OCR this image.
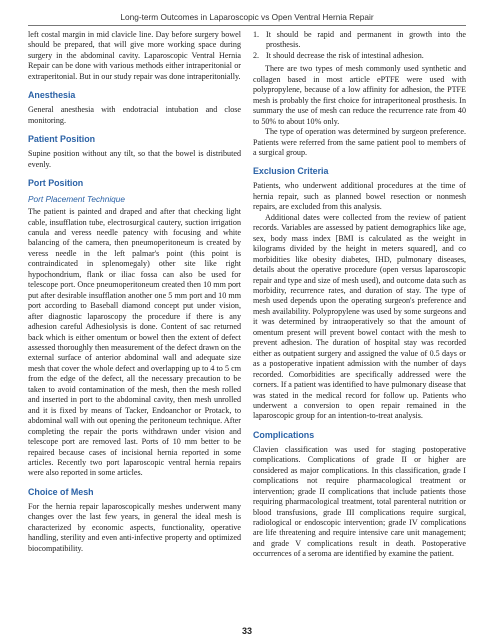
Long-term Outcomes in Laparoscopic vs Open Ventral Hernia Repair

left costal margin in mid clavicle line. Day before surgery bowel should be prepared, that will give more working space during surgery in the abdominal cavity. Laparoscopic Ventral Hernia Repair can be done with various methods either intraperitonial or extraperitonial. But in our study repair was done intraperitonially.

Anesthesia

General anesthesia with endotracial intubation and close monitoring.

Patient Position

Supine position without any tilt, so that the bowel is distributed evenly.

Port Position
Port Placement Technique

The patient is painted and draped and after that checking light cable, insufflation tube, electrosurgical cautery, suction irrigation canula and veress needle patency with focusing and white balancing of the camera, then pneumoperitoneum is created by veress needle in the left palmar's point (this point is contraindicated in splenomegaly) other site like right hypochondrium, flank or iliac fossa can also be used for telescope port. Once pneumoperitoneum created then 10 mm port put after desirable insufflation another one 5 mm port and 10 mm port according to Baseball diamond concept put under vision, after diagnostic laparoscopy the procedure if there is any adhesion careful Adhesiolysis is done. Content of sac returned back which is either omentum or bowel then the extent of defect assessed thoroughly then measurement of the defect drawn on the external surface of anterior abdominal wall and adequate size mesh that cover the whole defect and overlapping up to 4 to 5 cm from the edge of the defect, all the necessary precaution to be taken to avoid contamination of the mesh, then the mesh rolled and inserted in port to the abdominal cavity, then mesh unrolled and it is fixed by means of Tacker, Endoanchor or Protack, to abdominal wall with out opening the peritoneum technique. After completing the repair the ports withdrawn under vision and telescope port are removed last. Ports of 10 mm better to be repaired because cases of incisional hernia reported in some articles. Recently two port laparoscopic ventral hernia repairs were also reported in some articles.

Choice of Mesh

For the hernia repair laparoscopically meshes underwent many changes over the last few years, in general the ideal mesh is characterized by economic aspects, functionality, operative handling, sterility and even anti-infective property and optimized biocompatibility.

1. It should be rapid and permanent in growth into the prosthesis.
2. It should decrease the risk of intestinal adhesion.

There are two types of mesh commonly used synthetic and collagen based in most article ePTFE were used with polypropylene, because of a low affinity for adhesion, the PTFE mesh is probably the first choice for intraperitoneal prosthesis. In summary the use of mesh can reduce the recurrence rate from 40 to 50% to about 10% only.

The type of operation was determined by surgeon preference. Patients were referred from the same patient pool to members of a surgical group.

Exclusion Criteria

Patients, who underwent additional procedures at the time of hernia repair, such as planned bowel resection or nonmesh repairs, are excluded from this analysis.

Additional dates were collected from the review of patient records. Variables are assessed by patient demographics like age, sex, body mass index [BMI is calculated as the weight in kilograms divided by the height in meters squared], and co morbidities like obesity diabetes, IHD, pulmonary diseases, details about the operative procedure (open versus laparoscopic repair and type and size of mesh used), and outcome data such as morbidity, recurrence rates, and duration of stay. The type of mesh used depends upon the operating surgeon's preference and mesh availability. Polypropylene was used by some surgeons and it was determined by intraoperatively so that the amount of omentum present will prevent bowel contact with the mesh to prevent adhesion. The duration of hospital stay was recorded either as outpatient surgery and assigned the value of 0.5 days or as a postoperative inpatient admission with the number of days recorded. Comorbidities are specifically addressed were the corners. If a patient was identified to have pulmonary disease that was stated in the medical record for follow up. Patients who underwent a conversion to open repair remained in the laparoscopic group for an intention-to-treat analysis.

Complications

Clavien classification was used for staging postoperative complications. Complications of grade II or higher are considered as major complications. In this classification, grade I complications not require pharmacological treatment or intervention; grade II complications that include patients those requiring pharmacological treatment, total parenteral nutrition or blood transfusions, grade III complications require surgical, radiological or endoscopic intervention; grade IV complications are life threatening and require intensive care unit management; and grade V complications result in death. Postoperative occurrences of a seroma are identified by examine the patient.

33
